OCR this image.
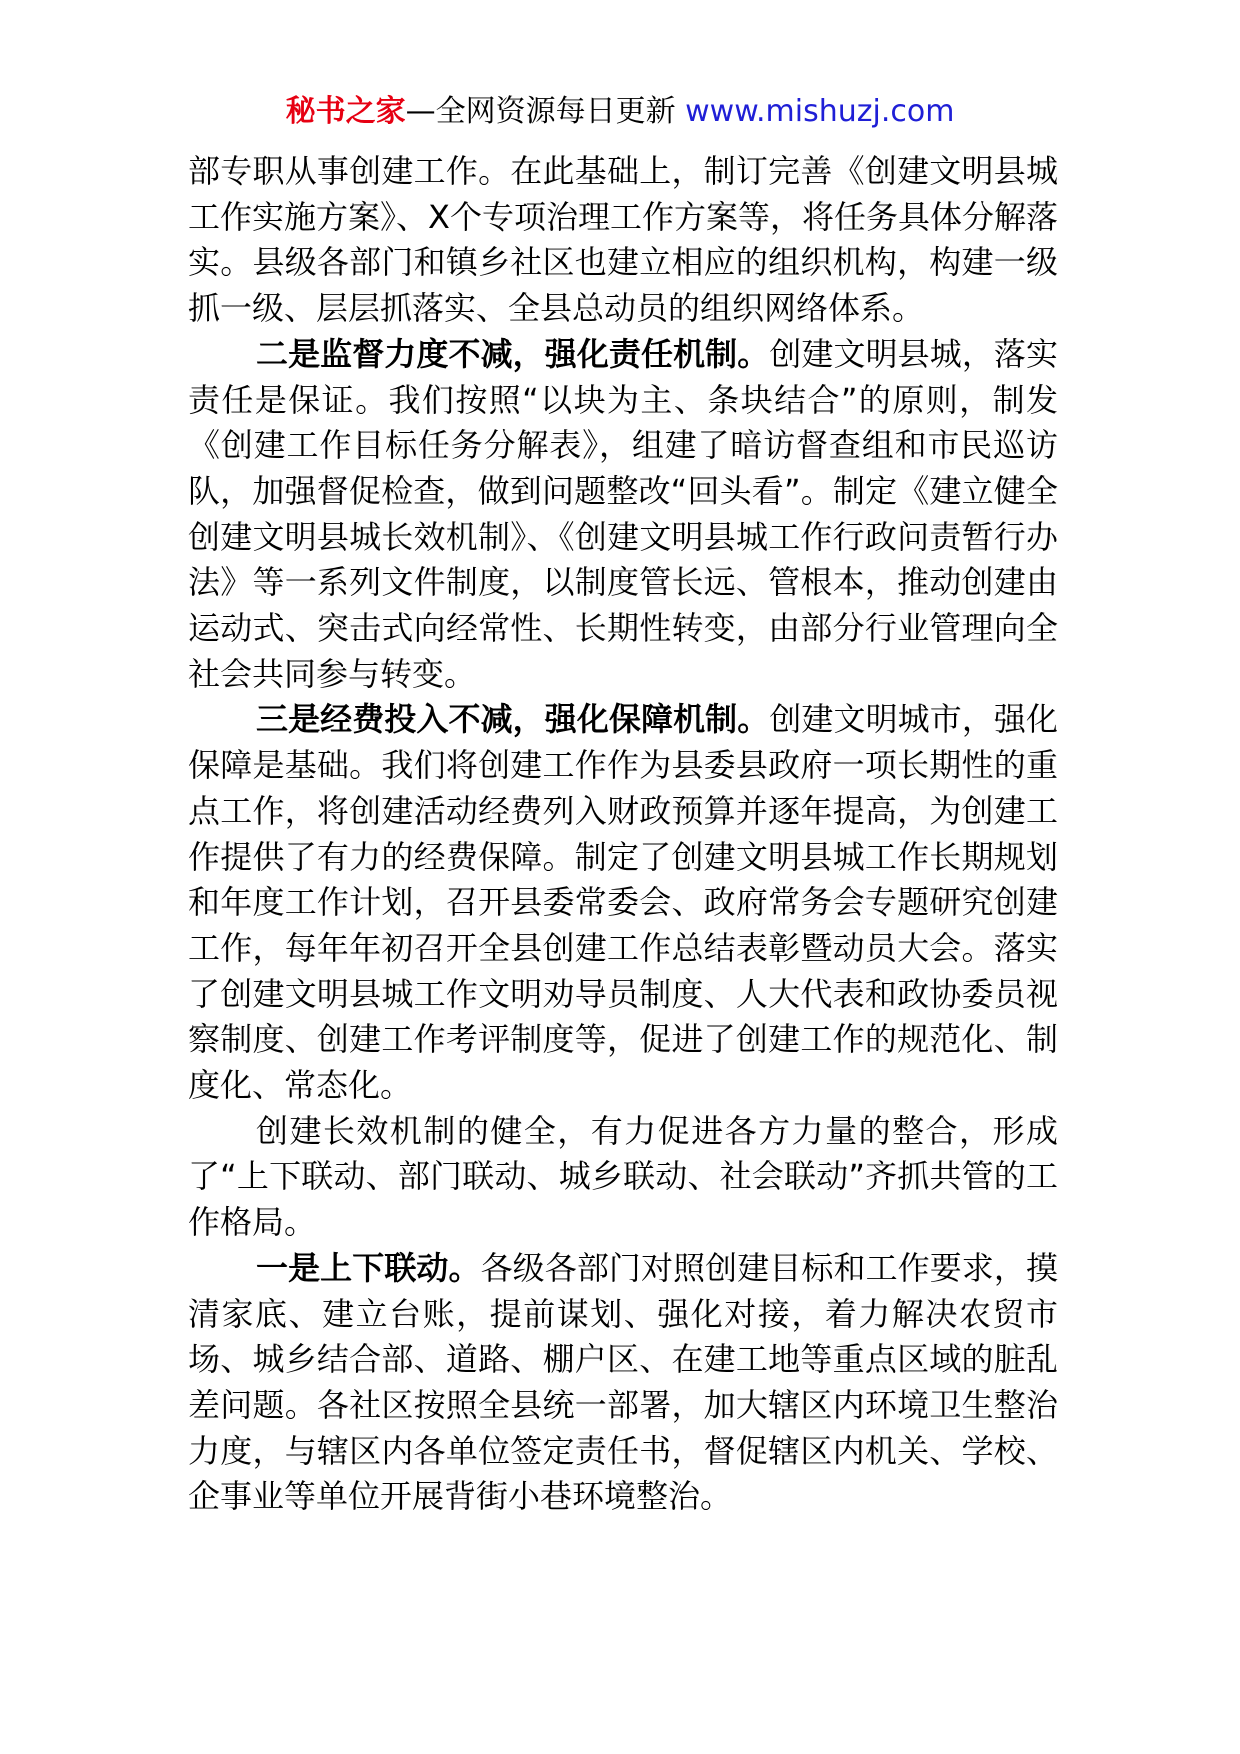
秘书之家—全网资源每日更新 www.mishuzj.com

部专职从事创建工作。在此基础上，制订完善《创建文明县城工作实施方案》、X个专项治理工作方案等，将任务具体分解落实。县级各部门和镇乡社区也建立相应的组织机构，构建一级抓一级、层层抓落实、全县总动员的组织网络体系。

二是监督力度不减，强化责任机制。创建文明县城，落实责任是保证。我们按照“以块为主、条块结合”的原则，制发《创建工作目标任务分解表》，组建了暗访督查组和市民巡访队，加强督促检查，做到问题整改“回头看”。制定《建立健全创建文明县城长效机制》、《创建文明县城工作行政问责暂行办法》等一系列文件制度，以制度管长远、管根本，推动创建由运动式、突击式向经常性、长期性转变，由部分行业管理向全社会共同参与转变。

三是经费投入不减，强化保障机制。创建文明城市，强化保障是基础。我们将创建工作作为县委县政府一项长期性的重点工作，将创建活动经费列入财政预算并逐年提高，为创建工作提供了有力的经费保障。制定了创建文明县城工作长期规划和年度工作计划，召开县委常委会、政府常务会专题研究创建工作，每年年初召开全县创建工作总结表彰暨动员大会。落实了创建文明县城工作文明劝导员制度、人大代表和政协委员视察制度、创建工作考评制度等，促进了创建工作的规范化、制度化、常态化。

创建长效机制的健全，有力促进各方力量的整合，形成了“上下联动、部门联动、城乡联动、社会联动”齐抓共管的工作格局。

一是上下联动。各级各部门对照创建目标和工作要求，摸清家底、建立台账，提前谋划、强化对接，着力解决农贸市场、城乡结合部、道路、棚户区、在建工地等重点区域的脏乱差问题。各社区按照全县统一部署，加大辖区内环境卫生整治力度，与辖区内各单位签定责任书，督促辖区内机关、学校、企事业等单位开展背街小巷环境整治。
